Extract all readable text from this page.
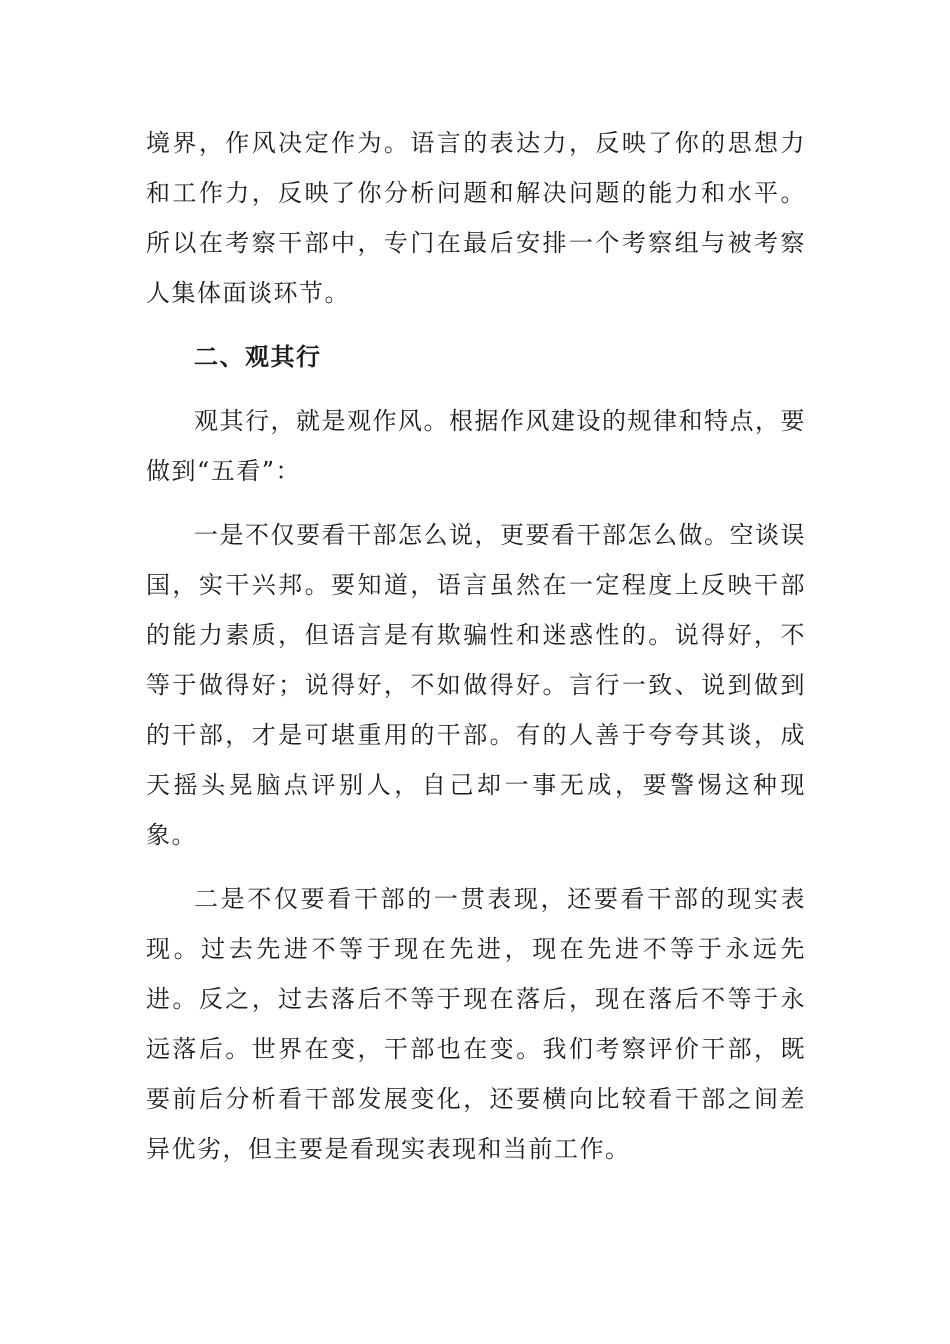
境界，作风决定作为。语言的表达力，反映了你的思想力和工作力，反映了你分析问题和解决问题的能力和水平。所以在考察干部中，专门在最后安排一个考察组与被考察人集体面谈环节。

二、观其行

观其行，就是观作风。根据作风建设的规律和特点，要做到“五看”：

一是不仅要看干部怎么说，更要看干部怎么做。空谈误国，实干兴邦。要知道，语言虽然在一定程度上反映干部的能力素质，但语言是有欺骗性和迷惑性的。说得好，不等于做得好；说得好，不如做得好。言行一致、说到做到的干部，才是可堪重用的干部。有的人善于夸夸其谈，成天摇头晃脑点评别人，自己却一事无成，要警惕这种现象。

二是不仅要看干部的一贯表现，还要看干部的现实表现。过去先进不等于现在先进，现在先进不等于永远先进。反之，过去落后不等于现在落后，现在落后不等于永远落后。世界在变，干部也在变。我们考察评价干部，既要前后分析看干部发展变化，还要横向比较看干部之间差异优劣，但主要是看现实表现和当前工作。
